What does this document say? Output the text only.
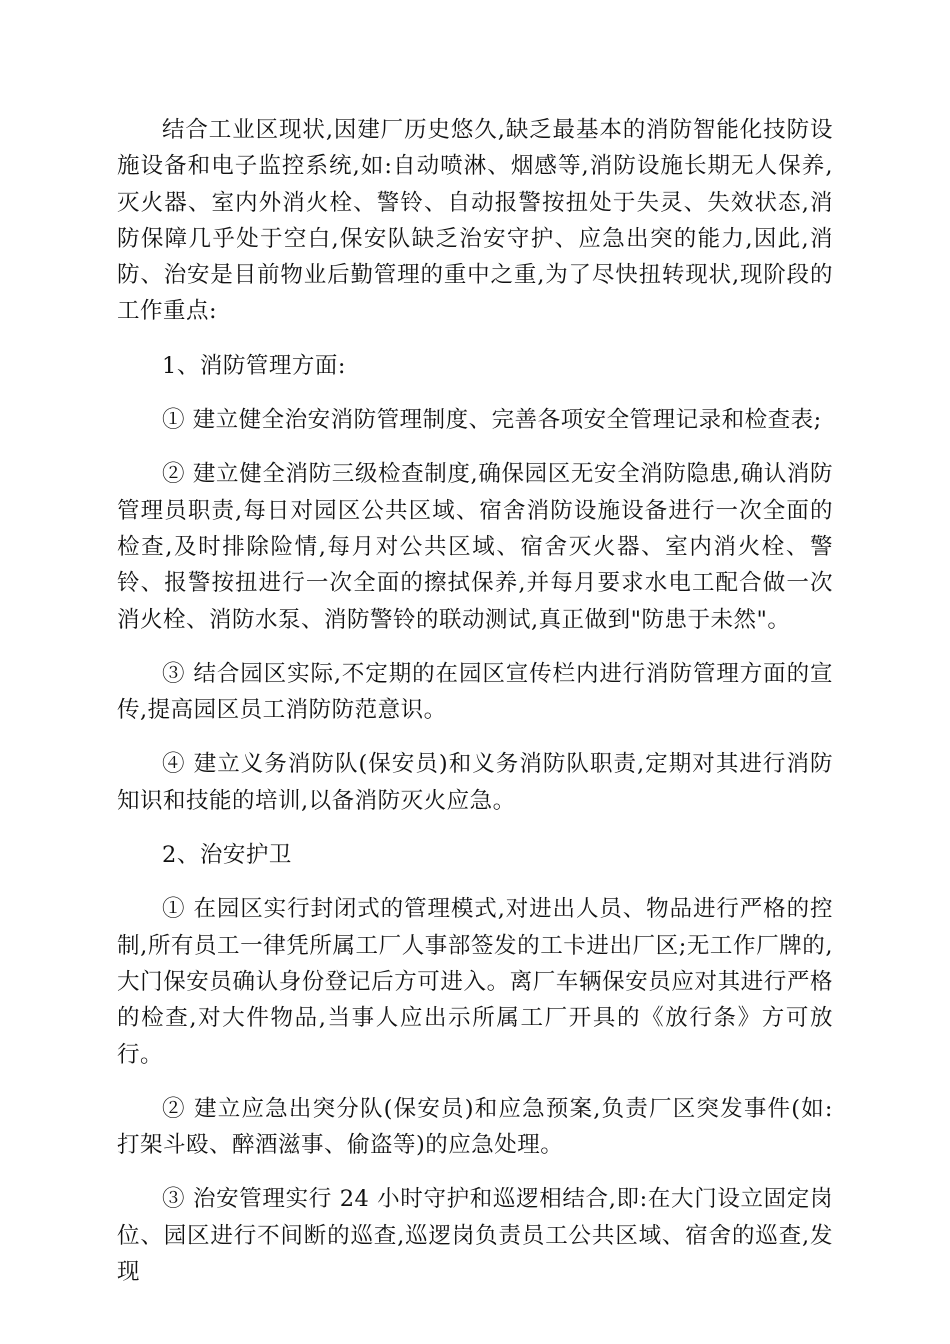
结合工业区现状,因建厂历史悠久,缺乏最基本的消防智能化技防设施设备和电子监控系统,如:自动喷淋、烟感等,消防设施长期无人保养,灭火器、室内外消火栓、警铃、自动报警按扭处于失灵、失效状态,消防保障几乎处于空白,保安队缺乏治安守护、应急出突的能力,因此,消防、治安是目前物业后勤管理的重中之重,为了尽快扭转现状,现阶段的工作重点:

1、消防管理方面:

① 建立健全治安消防管理制度、完善各项安全管理记录和检查表;

② 建立健全消防三级检查制度,确保园区无安全消防隐患,确认消防管理员职责,每日对园区公共区域、宿舍消防设施设备进行一次全面的检查,及时排除险情,每月对公共区域、宿舍灭火器、室内消火栓、警铃、报警按扭进行一次全面的擦拭保养,并每月要求水电工配合做一次消火栓、消防水泵、消防警铃的联动测试,真正做到"防患于未然"。

③ 结合园区实际,不定期的在园区宣传栏内进行消防管理方面的宣传,提高园区员工消防防范意识。

④ 建立义务消防队(保安员)和义务消防队职责,定期对其进行消防知识和技能的培训,以备消防灭火应急。

2、治安护卫

① 在园区实行封闭式的管理模式,对进出人员、物品进行严格的控制,所有员工一律凭所属工厂人事部签发的工卡进出厂区;无工作厂牌的,大门保安员确认身份登记后方可进入。离厂车辆保安员应对其进行严格的检查,对大件物品,当事人应出示所属工厂开具的《放行条》方可放行。

② 建立应急出突分队(保安员)和应急预案,负责厂区突发事件(如:打架斗殴、醉酒滋事、偷盗等)的应急处理。

③ 治安管理实行 24 小时守护和巡逻相结合,即:在大门设立固定岗位、园区进行不间断的巡查,巡逻岗负责员工公共区域、宿舍的巡查,发现
